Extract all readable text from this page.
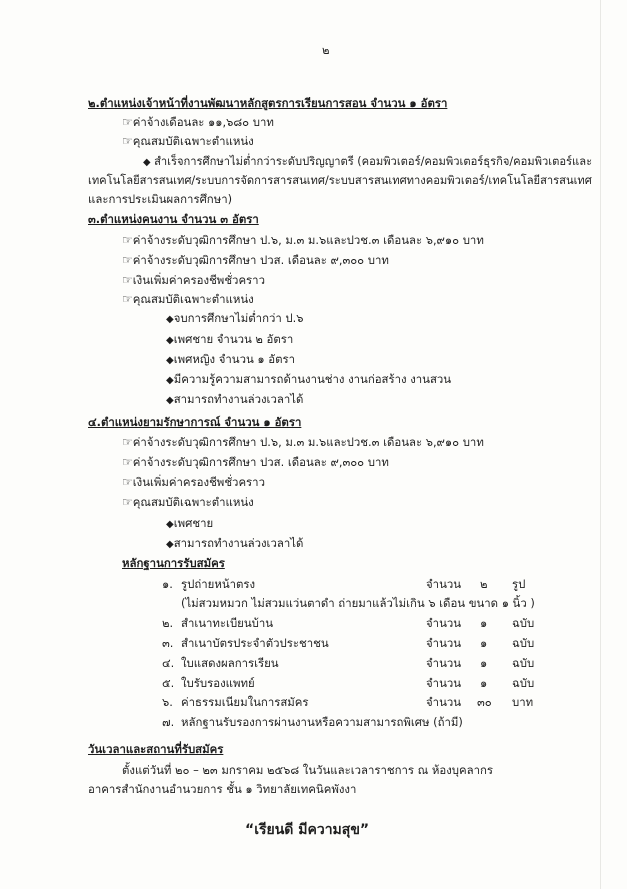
๒
๒.ตำแหน่งเจ้าหน้าที่งานพัฒนาหลักสูตรการเรียนการสอน จำนวน ๑ อัตรา
☞ค่าจ้างเดือนละ ๑๑,๖๘๐ บาท
☞คุณสมบัติเฉพาะตำแหน่ง
◆ สำเร็จการศึกษาไม่ต่ำกว่าระดับปริญญาตรี (คอมพิวเตอร์/คอมพิวเตอร์ธุรกิจ/คอมพิวเตอร์และ
เทคโนโลยีสารสนเทศ/ระบบการจัดการสารสนเทศ/ระบบสารสนเทศทางคอมพิวเตอร์/เทคโนโลยีสารสนเทศ
และการประเมินผลการศึกษา)
๓.ตำแหน่งคนงาน จำนวน ๓ อัตรา
☞ค่าจ้างระดับวุฒิการศึกษา ป.๖, ม.๓ ม.๖และปวช.๓ เดือนละ ๖,๙๑๐ บาท
☞ค่าจ้างระดับวุฒิการศึกษา ปวส. เดือนละ ๙,๓๐๐ บาท
☞เงินเพิ่มค่าครองชีพชั่วคราว
☞คุณสมบัติเฉพาะตำแหน่ง
◆จบการศึกษาไม่ต่ำกว่า ป.๖
◆เพศชาย จำนวน ๒ อัตรา
◆เพศหญิง จำนวน ๑ อัตรา
◆มีความรู้ความสามารถด้านงานช่าง งานก่อสร้าง งานสวน
◆สามารถทำงานล่วงเวลาได้
๔.ตำแหน่งยามรักษาการณ์ จำนวน ๑ อัตรา
☞ค่าจ้างระดับวุฒิการศึกษา ป.๖, ม.๓ ม.๖และปวช.๓ เดือนละ ๖,๙๑๐ บาท
☞ค่าจ้างระดับวุฒิการศึกษา ปวส. เดือนละ ๙,๓๐๐ บาท
☞เงินเพิ่มค่าครองชีพชั่วคราว
☞คุณสมบัติเฉพาะตำแหน่ง
◆เพศชาย
◆สามารถทำงานล่วงเวลาได้
หลักฐานการรับสมัคร
๑. รูปถ่ายหน้าตรง	จำนวน ๒ รูป
(ไม่สวมหมวก ไม่สวมแว่นตาดำ ถ่ายมาแล้วไม่เกิน ๖ เดือน ขนาด ๑ นิ้ว )
๒. สำเนาทะเบียนบ้าน	จำนวน ๑ ฉบับ
๓. สำเนาบัตรประจำตัวประชาชน	จำนวน ๑ ฉบับ
๔. ใบแสดงผลการเรียน	จำนวน ๑ ฉบับ
๕. ใบรับรองแพทย์	จำนวน ๑ ฉบับ
๖. ค่าธรรมเนียมในการสมัคร	จำนวน ๓๐ บาท
๗. หลักฐานรับรองการผ่านงานหรือความสามารถพิเศษ (ถ้ามี)
วันเวลาและสถานที่รับสมัคร
ตั้งแต่วันที่ ๒๐ – ๒๓ มกราคม ๒๕๖๘ ในวันและเวลาราชการ ณ ห้องบุคลากร
อาคารสำนักงานอำนวยการ ชั้น ๑ วิทยาลัยเทคนิคพังงา
“เรียนดี มีความสุข”
